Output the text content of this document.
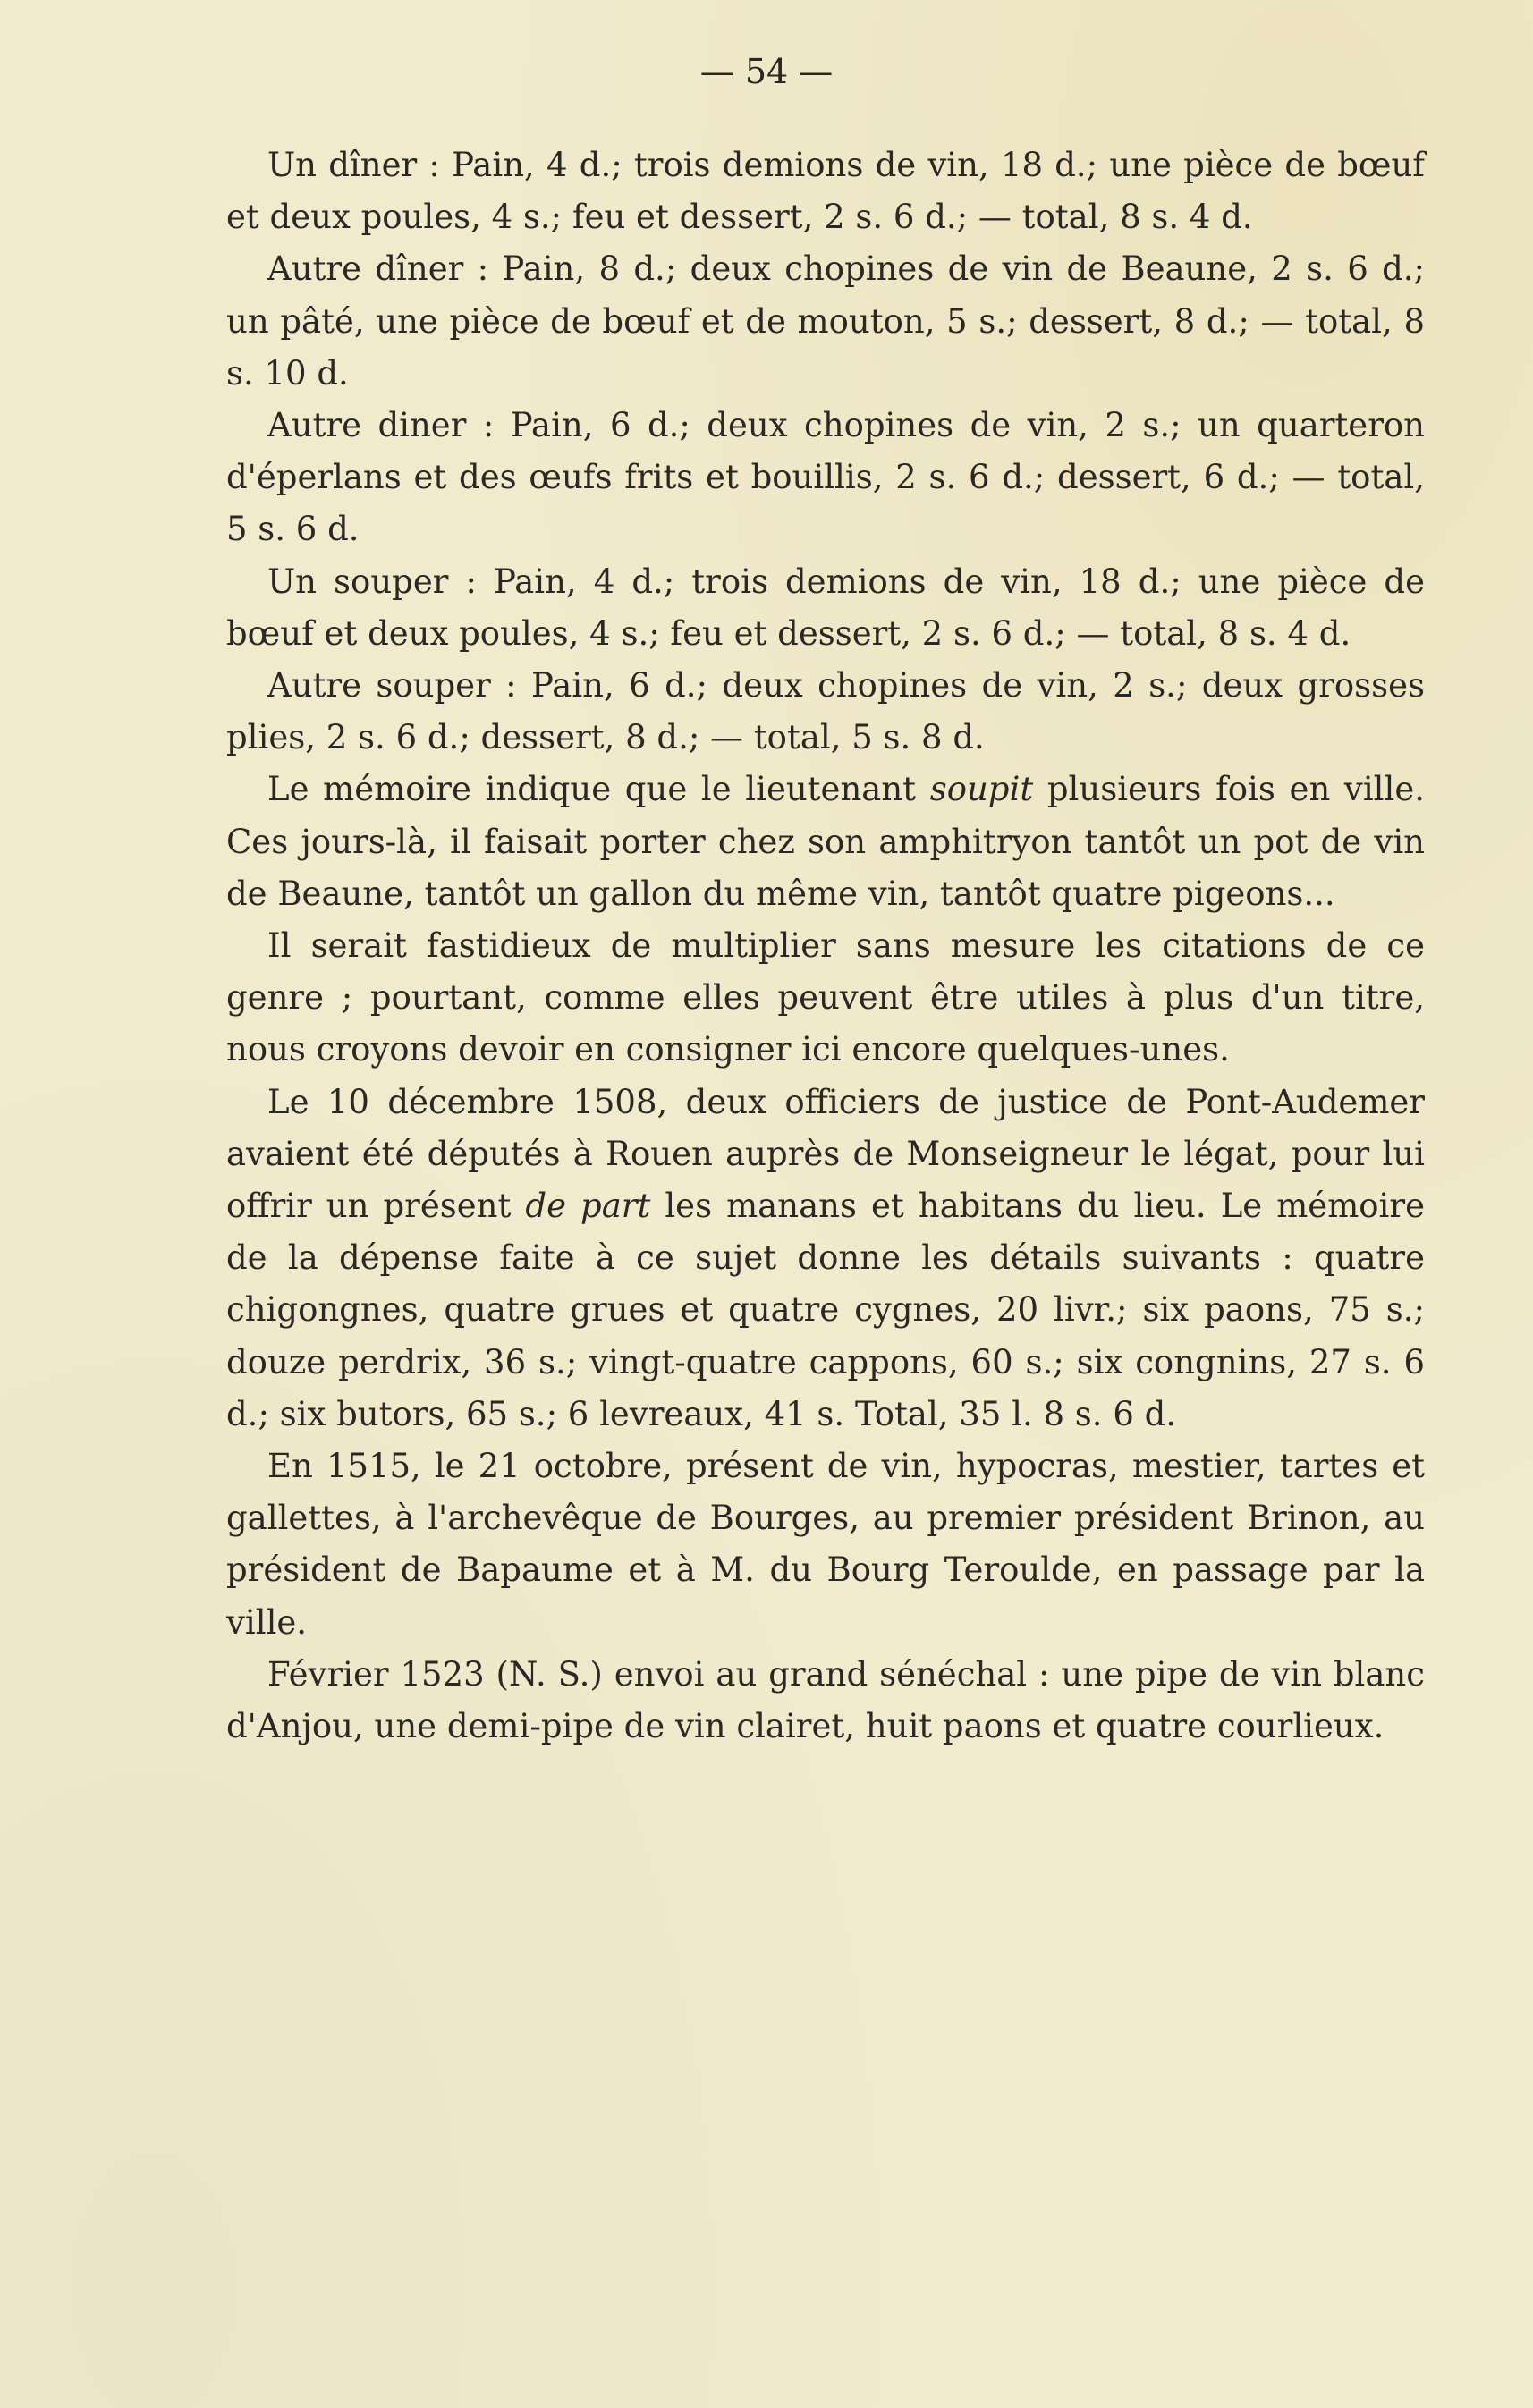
— 54 —

Un dîner : Pain, 4 d.; trois demions de vin, 18 d.; une pièce de bœuf et deux poules, 4 s.; feu et dessert, 2 s. 6 d.; — total, 8 s. 4 d.

Autre dîner : Pain, 8 d.; deux chopines de vin de Beaune, 2 s. 6 d.; un pâté, une pièce de bœuf et de mouton, 5 s.; dessert, 8 d.; — total, 8 s. 10 d.

Autre diner : Pain, 6 d.; deux chopines de vin, 2 s.; un quarteron d'éperlans et des œufs frits et bouillis, 2 s. 6 d.; dessert, 6 d.; — total, 5 s. 6 d.

Un souper : Pain, 4 d.; trois demions de vin, 18 d.; une pièce de bœuf et deux poules, 4 s.; feu et dessert, 2 s. 6 d.; — total, 8 s. 4 d.

Autre souper : Pain, 6 d.; deux chopines de vin, 2 s.; deux grosses plies, 2 s. 6 d.; dessert, 8 d.; — total, 5 s. 8 d.

Le mémoire indique que le lieutenant soupit plusieurs fois en ville. Ces jours-là, il faisait porter chez son amphitryon tantôt un pot de vin de Beaune, tantôt un gallon du même vin, tantôt quatre pigeons...

Il serait fastidieux de multiplier sans mesure les citations de ce genre ; pourtant, comme elles peuvent être utiles à plus d'un titre, nous croyons devoir en consigner ici encore quelques-unes.

Le 10 décembre 1508, deux officiers de justice de Pont-Audemer avaient été députés à Rouen auprès de Monseigneur le légat, pour lui offrir un présent de part les manans et habitans du lieu. Le mémoire de la dépense faite à ce sujet donne les détails suivants : quatre chigongnes, quatre grues et quatre cygnes, 20 livr.; six paons, 75 s.; douze perdrix, 36 s.; vingt-quatre cappons, 60 s.; six congnins, 27 s. 6 d.; six butors, 65 s.; 6 levreaux, 41 s. Total, 35 l. 8 s. 6 d.

En 1515, le 21 octobre, présent de vin, hypocras, mestier, tartes et gallettes, à l'archevêque de Bourges, au premier président Brinon, au président de Bapaume et à M. du Bourg Teroulde, en passage par la ville.

Février 1523 (N. S.) envoi au grand sénéchal : une pipe de vin blanc d'Anjou, une demi-pipe de vin clairet, huit paons et quatre courlieux.
